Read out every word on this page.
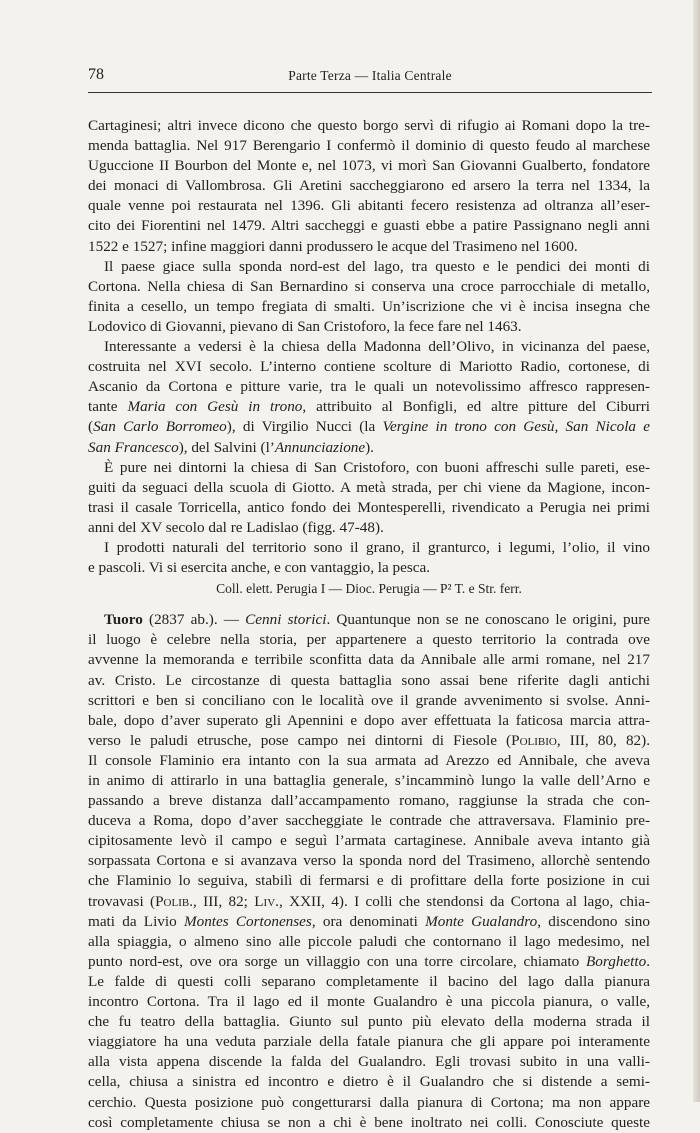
78	Parte Terza — Italia Centrale
Cartaginesi; altri invece dicono che questo borgo servì di rifugio ai Romani dopo la tre-
menda battaglia. Nel 917 Berengario I confermò il dominio di questo feudo al marchese
Uguccione II Bourbon del Monte e, nel 1073, vi morì San Giovanni Gualberto, fondatore
dei monaci di Vallombrosa. Gli Aretini saccheggiarono ed arsero la terra nel 1334, la
quale venne poi restaurata nel 1396. Gli abitanti fecero resistenza ad oltranza all’eser-
cito dei Fiorentini nel 1479. Altri saccheggi e guasti ebbe a patire Passignano negli anni
1522 e 1527; infine maggiori danni produssero le acque del Trasimeno nel 1600.
Il paese giace sulla sponda nord-est del lago, tra questo e le pendici dei monti di
Cortona. Nella chiesa di San Bernardino si conserva una croce parrocchiale di metallo,
finita a cesello, un tempo fregiata di smalti. Un’iscrizione che vi è incisa insegna che
Lodovico di Giovanni, pievano di San Cristoforo, la fece fare nel 1463.
Interessante a vedersi è la chiesa della Madonna dell’Olivo, in vicinanza del paese,
costruita nel XVI secolo. L’interno contiene scolture di Mariotto Radio, cortonese, di
Ascanio da Cortona e pitture varie, tra le quali un notevolissimo affresco rappresen-
tante Maria con Gesù in trono, attribuito al Bonfigli, ed altre pitture del Ciburri
(San Carlo Borromeo), di Virgilio Nucci (la Vergine in trono con Gesù, San Nicola e
San Francesco), del Salvini (l’Annunciazione).
È pure nei dintorni la chiesa di San Cristoforo, con buoni affreschi sulle pareti, ese-
guiti da seguaci della scuola di Giotto. A metà strada, per chi viene da Magione, incon-
trasi il casale Torricella, antico fondo dei Montesperelli, rivendicato a Perugia nei primi
anni del XV secolo dal re Ladislao (figg. 47-48).
I prodotti naturali del territorio sono il grano, il granturco, i legumi, l’olio, il vino
e pascoli. Vi si esercita anche, e con vantaggio, la pesca.
Coll. elett. Perugia I — Dioc. Perugia — P² T. e Str. ferr.
Tuoro (2837 ab.). — Cenni storici. Quantunque non se ne conoscano le origini, pure
il luogo è celebre nella storia, per appartenere a questo territorio la contrada ove
avvenne la memoranda e terribile sconfitta data da Annibale alle armi romane, nel 217
av. Cristo. Le circostanze di questa battaglia sono assai bene riferite dagli antichi
scrittori e ben si conciliano con le località ove il grande avvenimento si svolse. Anni-
bale, dopo d’aver superato gli Apennini e dopo aver effettuata la faticosa marcia attra-
verso le paludi etrusche, pose campo nei dintorni di Fiesole (Polibio, III, 80, 82).
Il console Flaminio era intanto con la sua armata ad Arezzo ed Annibale, che aveva
in animo di attirarlo in una battaglia generale, s’incamminò lungo la valle dell’Arno e
passando a breve distanza dall’accampamento romano, raggiunse la strada che con-
duceva a Roma, dopo d’aver saccheggiate le contrade che attraversava. Flaminio pre-
cipitosamente levò il campo e seguì l’armata cartaginese. Annibale aveva intanto già
sorpassata Cortona e si avanzava verso la sponda nord del Trasimeno, allorchè sentendo
che Flaminio lo seguiva, stabilì di fermarsi e di profittare della forte posizione in cui
trovavasi (Polib., III, 82; Liv., XXII, 4). I colli che stendonsi da Cortona al lago, chia-
mati da Livio Montes Cortonenses, ora denominati Monte Gualandro, discendono sino
alla spiaggia, o almeno sino alle piccole paludi che contornano il lago medesimo, nel
punto nord-est, ove ora sorge un villaggio con una torre circolare, chiamato Borghetto.
Le falde di questi colli separano completamente il bacino del lago dalla pianura
incontro Cortona. Tra il lago ed il monte Gualandro è una piccola pianura, o valle,
che fu teatro della battaglia. Giunto sul punto più elevato della moderna strada il
viaggiatore ha una veduta parziale della fatale pianura che gli appare poi interamente
alla vista appena discende la falda del Gualandro. Egli trovasi subito in una valli-
cella, chiusa a sinistra ed incontro e dietro è il Gualandro che si distende a semi-
cerchio. Questa posizione può congetturarsi dalla pianura di Cortona; ma non appare
così completamente chiusa se non a chi è bene inoltrato nei colli. Conosciute queste
